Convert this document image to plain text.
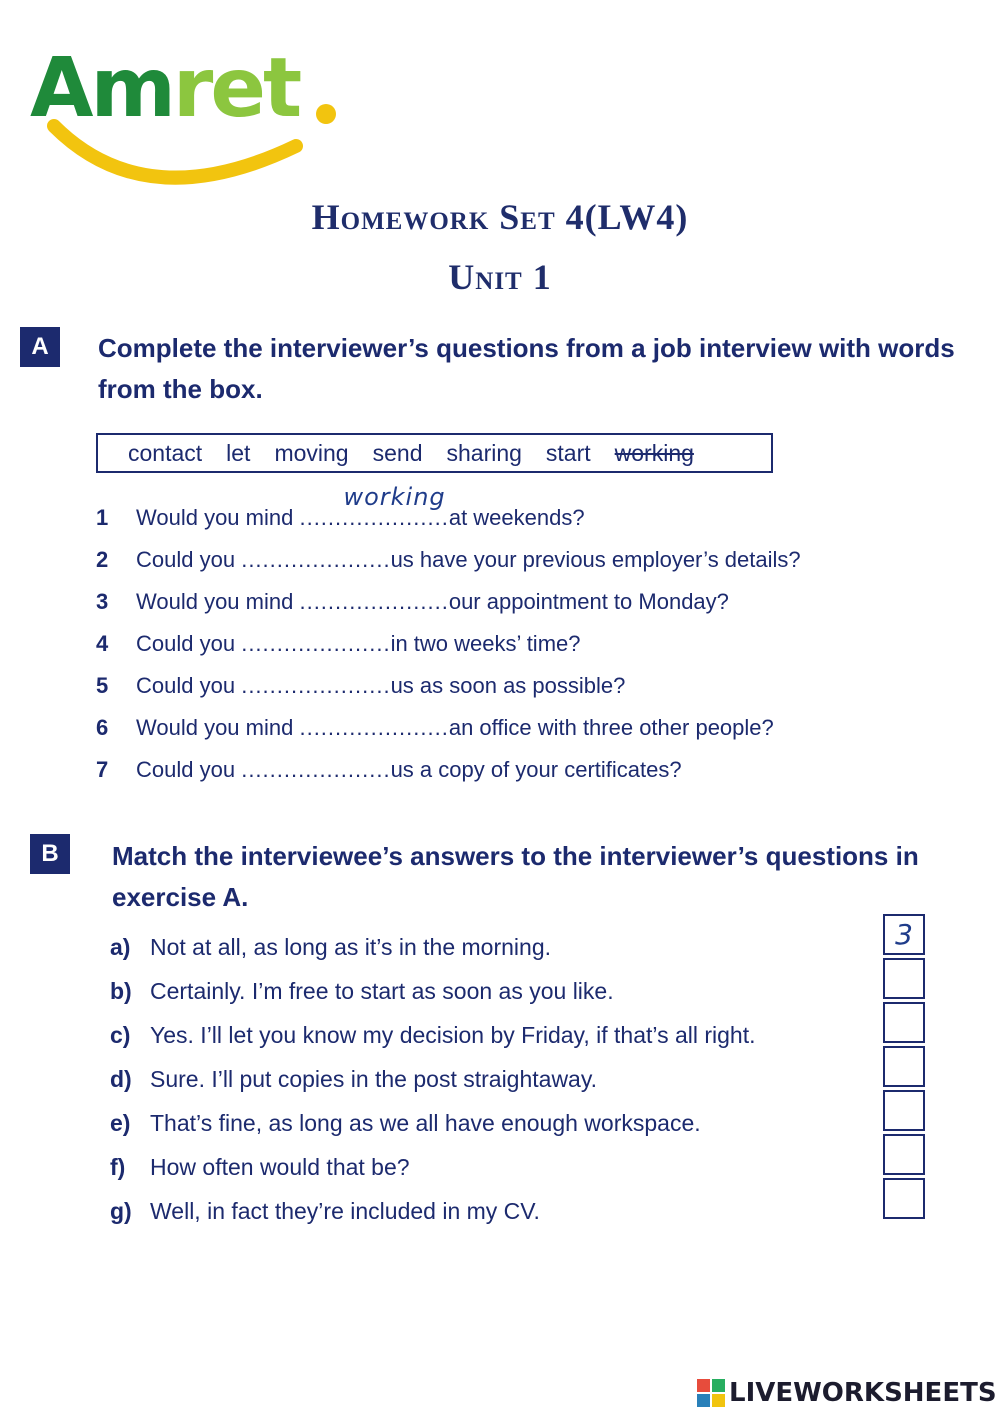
Amret
Homework Set 4(LW4)
Unit 1
A	Complete the interviewer’s questions from a job interview with words from the box.
contact let moving send sharing start working
1	Would you mind
.....................
working
at weekends?
2	Could you
..................... us have your previous employer’s details?
3	Would you mind
..................... our appointment to Monday?
4	Could you
..................... in two weeks’ time?
5	Could you
..................... us as soon as possible?
6	Would you mind
..................... an office with three other people?
7	Could you
..................... us a copy of your certificates?
B	Match the interviewee’s answers to the interviewer’s questions in exercise A.
a) Not at all, as long as it’s in the morning.
b) Certainly. I’m free to start as soon as you like.
c) Yes. I’ll let you know my decision by Friday, if that’s all right.
d) Sure. I’ll put copies in the post straightaway.
e) That’s fine, as long as we all have enough workspace.
f)	How often would that be?
g) Well, in fact they’re included in my CV.
3
LIVEWORKSHEETS
